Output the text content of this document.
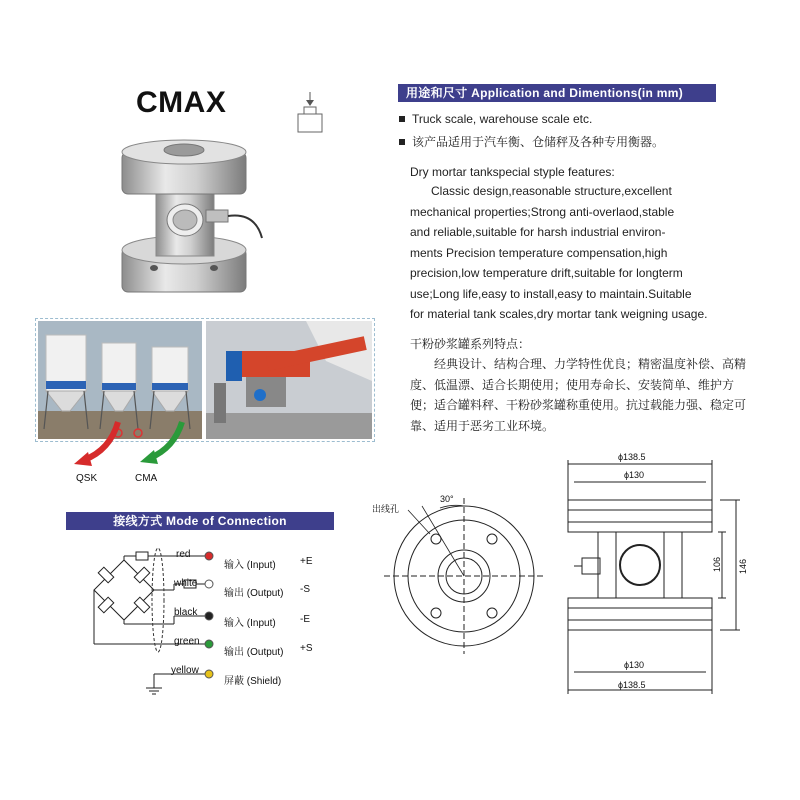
CMAX	用途和尺寸 Application and Dimentions(in mm)
Truck scale, warehouse scale etc.
该产品适用于汽车衡、仓储秤及各种专用衡器。
Dry mortar tankspecial styple features:
Classic design,reasonable structure,excellent
mechanical properties;Strong anti-overlaod,stable
and reliable,suitable for harsh industrial environ-
ments Precision temperature compensation,high
precision,low temperature drift,suitable for longterm
use;Long life,easy to install,easy to maintain.Suitable
for material tank scales,dry mortar tank weigning usage.
干粉砂浆罐系列特点：
经典设计、结构合理、力学特性优良；精密温度补偿、高精度、低温漂、适合长期使用；使用寿命长、安装简单、维护方便；适合罐料秤、干粉砂浆罐称重使用。抗过载能力强、稳定可靠、适用于恶劣工业环境。
QSK	CMA
接线方式 Mode of Connection
red
white
black
green
yellow
输入 (Input)
输出 (Output)
输入 (Input)
输出 (Output)
屏蔽 (Shield)
+E
-S
-E
+S
出线孔
30°
ϕ138.5
ϕ130
ϕ130
ϕ138.5
106 146
